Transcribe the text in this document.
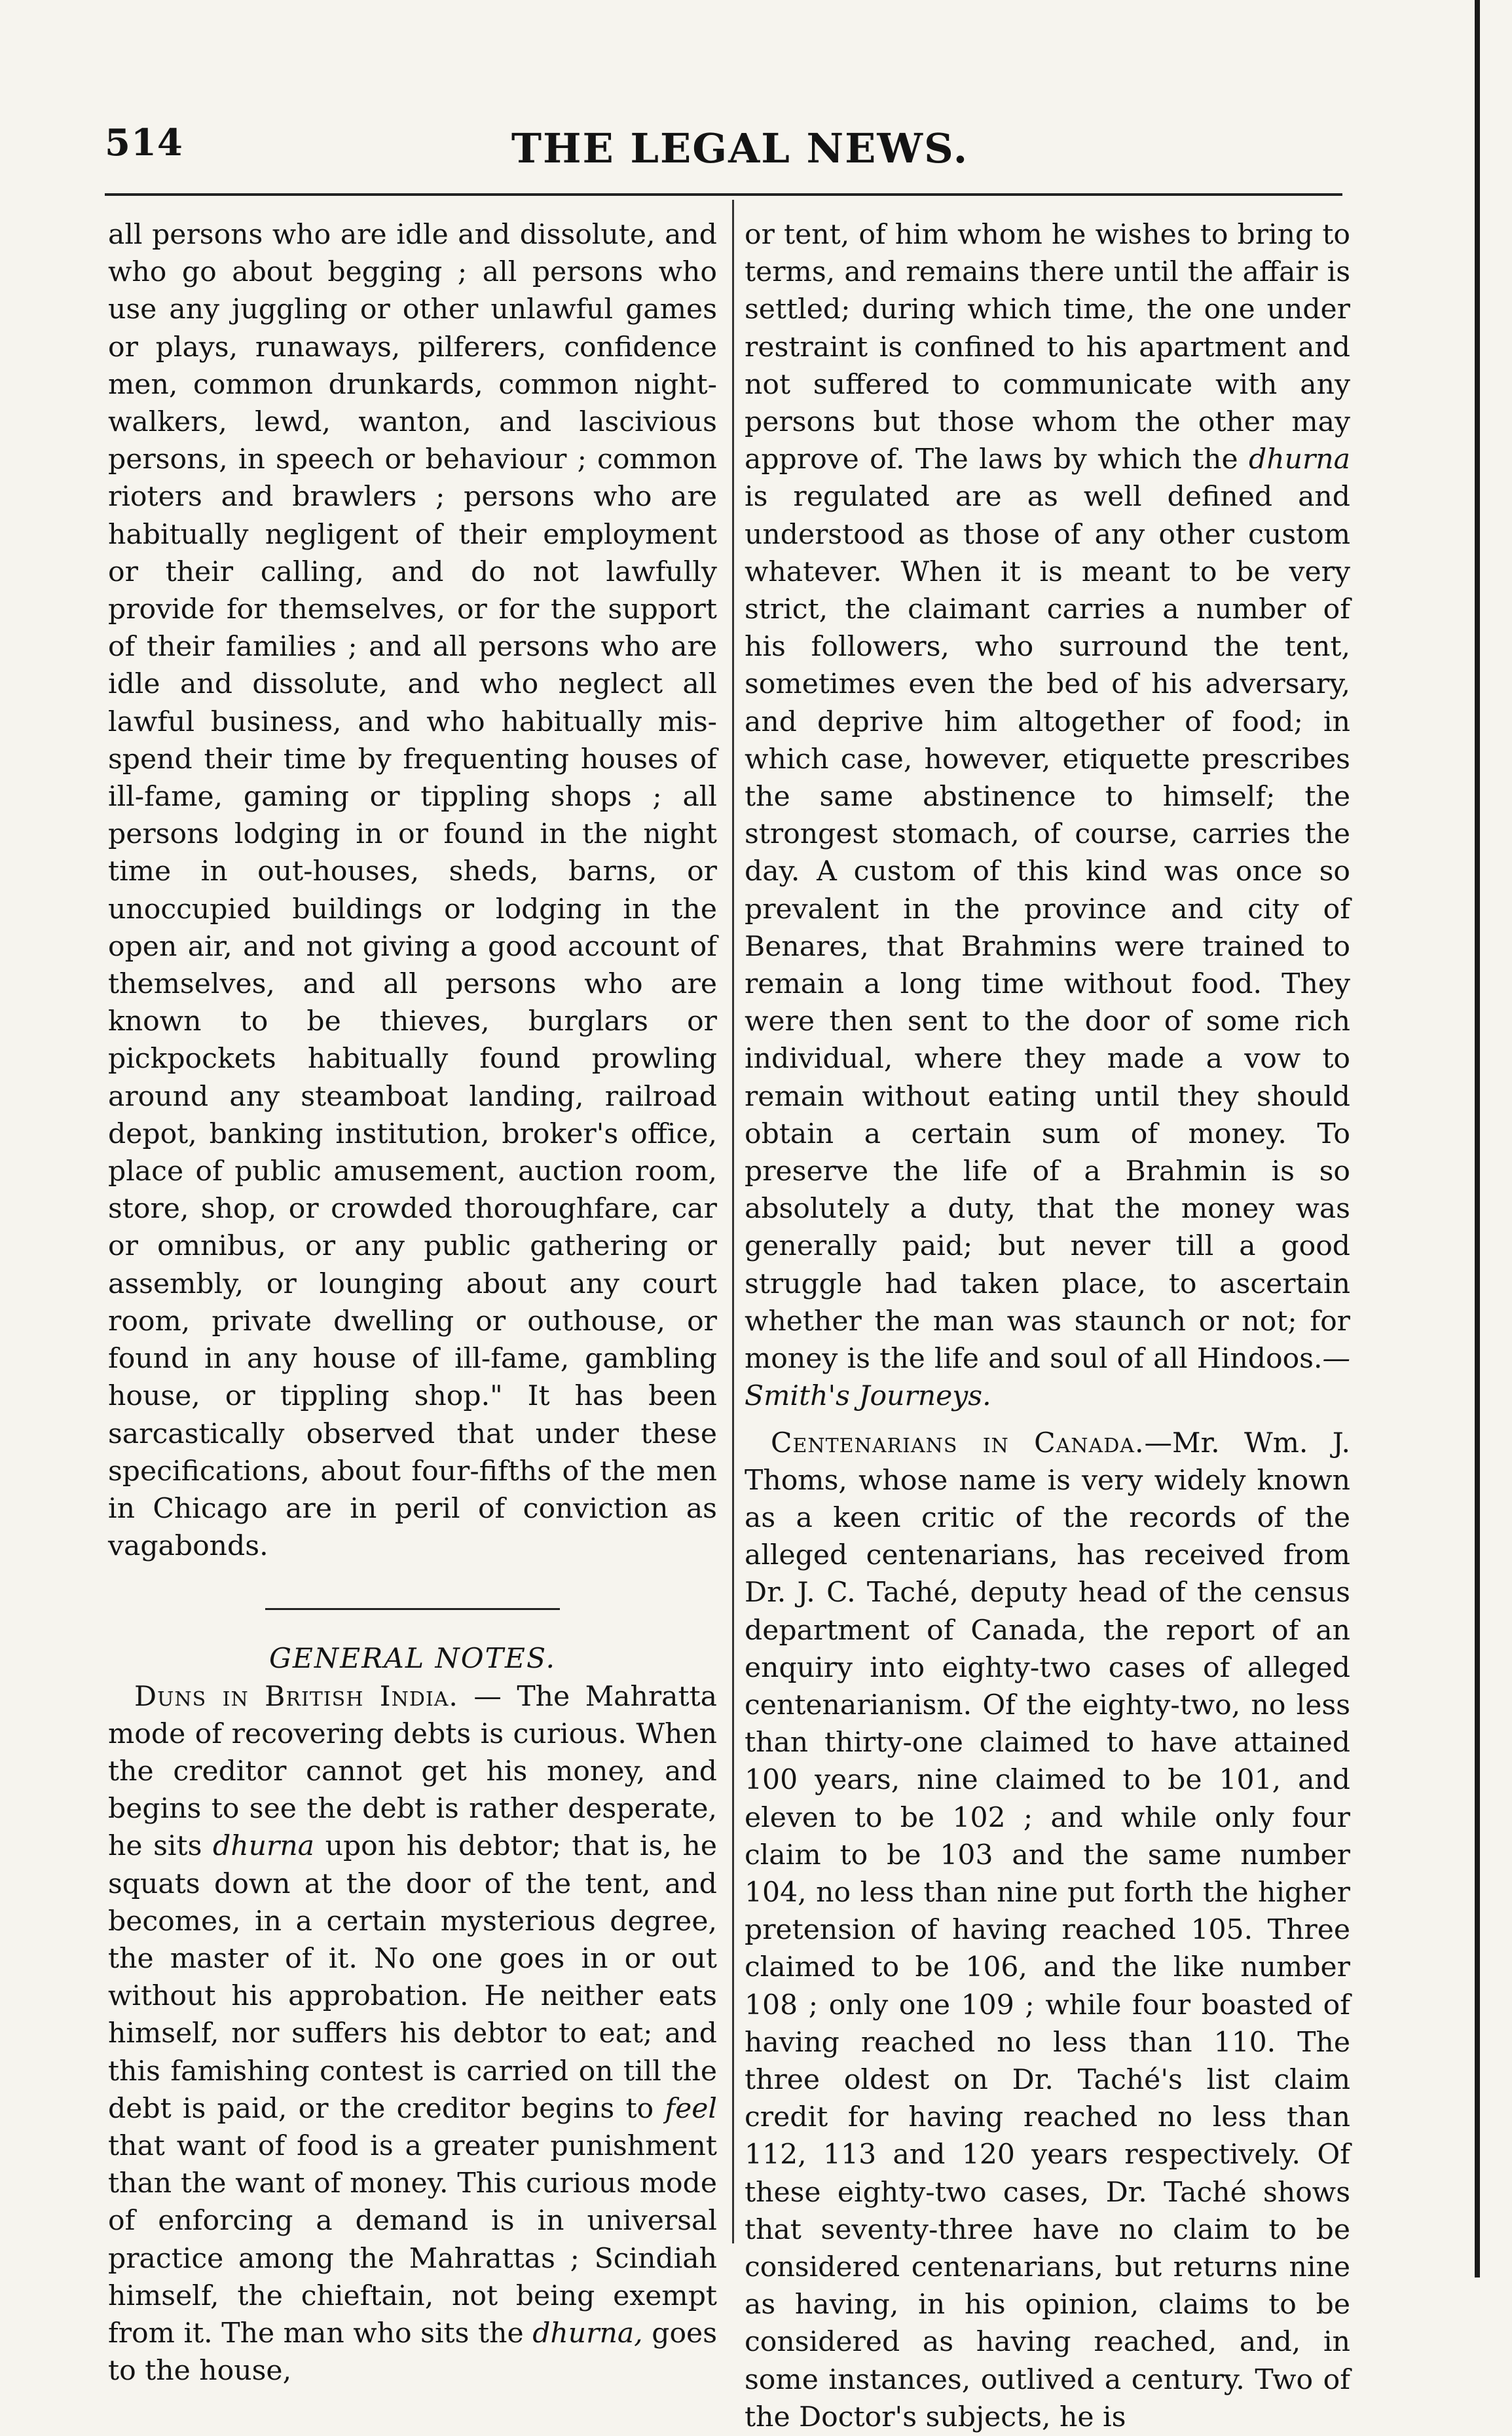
514	THE LEGAL NEWS.

all persons who are idle and dissolute, and who go about begging ; all persons who use any juggling or other unlawful games or plays, runaways, pilferers, confidence men, common drunkards, common night-walkers, lewd, wanton, and lascivious persons, in speech or behaviour ; common rioters and brawlers ; persons who are habitually negligent of their employment or their calling, and do not lawfully provide for themselves, or for the support of their families ; and all persons who are idle and dissolute, and who neglect all lawful business, and who habitually mis-spend their time by frequenting houses of ill-fame, gaming or tippling shops ; all persons lodging in or found in the night time in out-houses, sheds, barns, or unoccupied buildings or lodging in the open air, and not giving a good account of themselves, and all persons who are known to be thieves, burglars or pickpockets habitually found prowling around any steamboat landing, railroad depot, banking institution, broker's office, place of public amusement, auction room, store, shop, or crowded thoroughfare, car or omnibus, or any public gathering or assembly, or lounging about any court room, private dwelling or outhouse, or found in any house of ill-fame, gambling house, or tippling shop." It has been sarcastically observed that under these specifications, about four-fifths of the men in Chicago are in peril of conviction as vagabonds.

GENERAL NOTES.

Duns in British India. — The Mahratta mode of recovering debts is curious. When the creditor cannot get his money, and begins to see the debt is rather desperate, he sits dhurna upon his debtor; that is, he squats down at the door of the tent, and becomes, in a certain mysterious degree, the master of it. No one goes in or out without his approbation. He neither eats himself, nor suffers his debtor to eat; and this famishing contest is carried on till the debt is paid, or the creditor begins to feel that want of food is a greater punishment than the want of money. This curious mode of enforcing a demand is in universal practice among the Mahrattas ; Scindiah himself, the chieftain, not being exempt from it. The man who sits the dhurna, goes to the house,

or tent, of him whom he wishes to bring to terms, and remains there until the affair is settled; during which time, the one under restraint is confined to his apartment and not suffered to communicate with any persons but those whom the other may approve of. The laws by which the dhurna is regulated are as well defined and understood as those of any other custom whatever. When it is meant to be very strict, the claimant carries a number of his followers, who surround the tent, sometimes even the bed of his adversary, and deprive him altogether of food; in which case, however, etiquette prescribes the same abstinence to himself; the strongest stomach, of course, carries the day. A custom of this kind was once so prevalent in the province and city of Benares, that Brahmins were trained to remain a long time without food. They were then sent to the door of some rich individual, where they made a vow to remain without eating until they should obtain a certain sum of money. To preserve the life of a Brahmin is so absolutely a duty, that the money was generally paid; but never till a good struggle had taken place, to ascertain whether the man was staunch or not; for money is the life and soul of all Hindoos.—Smith's Journeys.

Centenarians in Canada.—Mr. Wm. J. Thoms, whose name is very widely known as a keen critic of the records of the alleged centenarians, has received from Dr. J. C. Taché, deputy head of the census department of Canada, the report of an enquiry into eighty-two cases of alleged centenarianism. Of the eighty-two, no less than thirty-one claimed to have attained 100 years, nine claimed to be 101, and eleven to be 102 ; and while only four claim to be 103 and the same number 104, no less than nine put forth the higher pretension of having reached 105. Three claimed to be 106, and the like number 108 ; only one 109 ; while four boasted of having reached no less than 110. The three oldest on Dr. Taché's list claim credit for having reached no less than 112, 113 and 120 years respectively. Of these eighty-two cases, Dr. Taché shows that seventy-three have no claim to be considered centenarians, but returns nine as having, in his opinion, claims to be considered as having reached, and, in some instances, outlived a century. Two of the Doctor's subjects, he is
